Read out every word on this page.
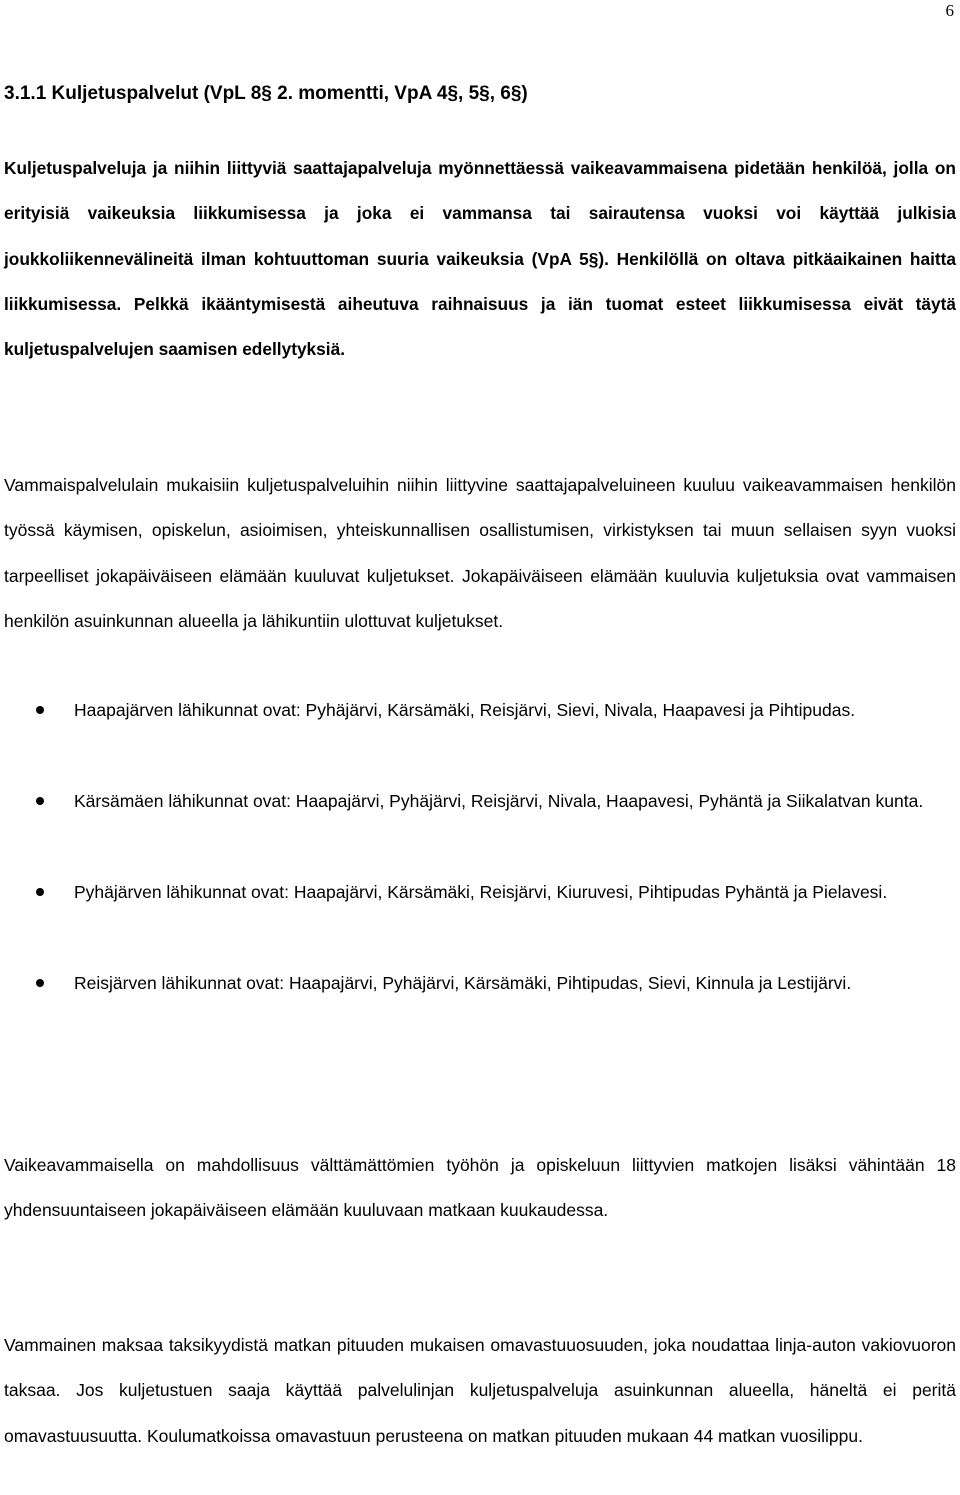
6
3.1.1 Kuljetuspalvelut (VpL 8§ 2. momentti, VpA 4§, 5§, 6§)

Kuljetuspalveluja ja niihin liittyviä saattajapalveluja myönnettäessä vaikeavammaisena pidetään henkilöä, jolla on erityisiä vaikeuksia liikkumisessa ja joka ei vammansa tai sairautensa vuoksi voi käyttää julkisia joukkoliikennevälineitä ilman kohtuuttoman suuria vaikeuksia (VpA 5§). Henkilöllä on oltava pitkäaikainen haitta liikkumisessa. Pelkkä ikääntymisestä aiheutuva raihnaisuus ja iän tuomat esteet liikkumisessa eivät täytä kuljetuspalvelujen saamisen edellytyksiä.

Vammaispalvelulain mukaisiin kuljetuspalveluihin niihin liittyvine saattajapalveluineen kuuluu vaikeavammaisen henkilön työssä käymisen, opiskelun, asioimisen, yhteiskunnallisen osallistumisen, virkistyksen tai muun sellaisen syyn vuoksi tarpeelliset jokapäiväiseen elämään kuuluvat kuljetukset. Jokapäiväiseen elämään kuuluvia kuljetuksia ovat vammaisen henkilön asuinkunnan alueella ja lähikuntiin ulottuvat kuljetukset.

Haapajärven lähikunnat ovat: Pyhäjärvi, Kärsämäki, Reisjärvi, Sievi, Nivala, Haapavesi ja Pihtipudas.
Kärsämäen lähikunnat ovat: Haapajärvi, Pyhäjärvi, Reisjärvi, Nivala, Haapavesi, Pyhäntä ja Siikalatvan kunta.
Pyhäjärven lähikunnat ovat: Haapajärvi, Kärsämäki, Reisjärvi, Kiuruvesi, Pihtipudas Pyhäntä ja Pielavesi.
Reisjärven lähikunnat ovat: Haapajärvi, Pyhäjärvi, Kärsämäki, Pihtipudas, Sievi, Kinnula ja Lestijärvi.

Vaikeavammaisella on mahdollisuus välttämättömien työhön ja opiskeluun liittyvien matkojen lisäksi vähintään 18 yhdensuuntaiseen jokapäiväiseen elämään kuuluvaan matkaan kuukaudessa.

Vammainen maksaa taksikyydistä matkan pituuden mukaisen omavastuuosuuden, joka noudattaa linja-auton vakiovuoron taksaa. Jos kuljetustuen saaja käyttää palvelulinjan kuljetuspalveluja asuinkunnan alueella, häneltä ei peritä omavastuusuutta. Koulumatkoissa omavastuun perusteena on matkan pituuden mukaan 44 matkan vuosilippu.
